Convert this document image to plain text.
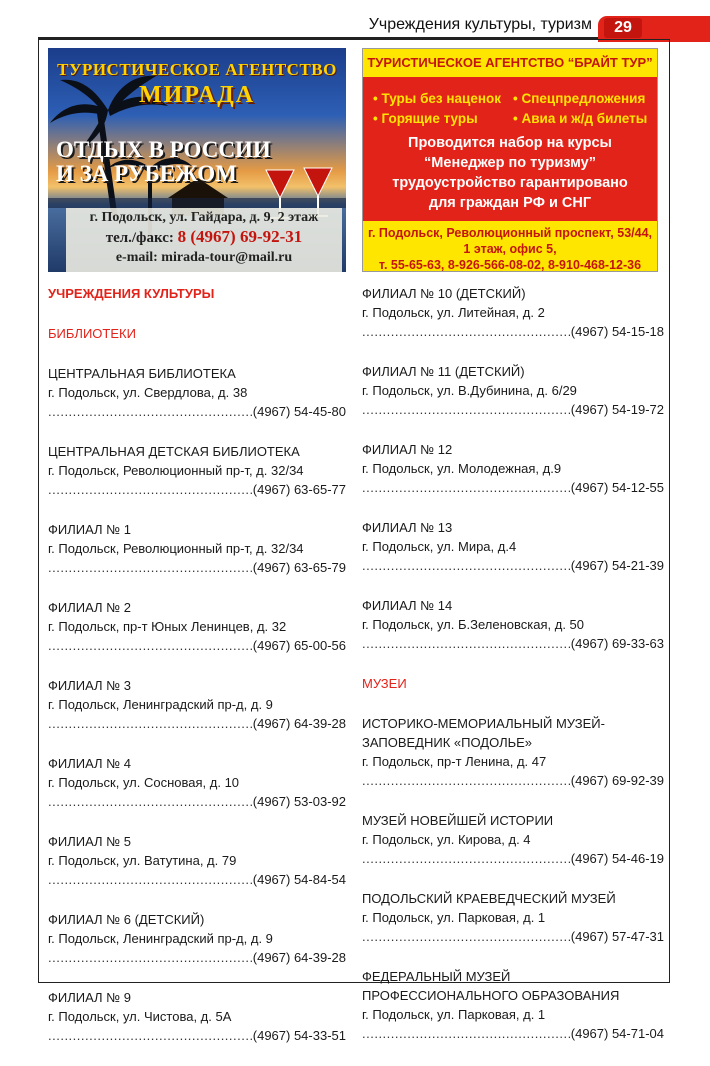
Учреждения культуры, туризм	29
ТУРИСТИЧЕСКОЕ АГЕНТСТВО
МИРАДА
ОТДЫХ В РОССИИ
И ЗА РУБЕЖОМ
г. Подольск, ул. Гайдара, д. 9, 2 этаж
тел./факс: 8 (4967) 69-92-31
e-mail: mirada-tour@mail.ru
ТУРИСТИЧЕСКОЕ АГЕНТСТВО “БРАЙТ ТУР”
• Туры без наценок • Спецпредложения
• Горящие туры	• Авиа и ж/д билеты
Проводится набор на курсы
“Менеджер по туризму”
трудоустройство гарантировано
для граждан РФ и СНГ
г. Подольск, Революционный проспект, 53/44,
1 этаж, офис 5,
т. 55-65-63, 8-926-566-08-02, 8-910-468-12-36
УЧРЕЖДЕНИЯ КУЛЬТУРЫ
БИБЛИОТЕКИ
ЦЕНТРАЛЬНАЯ БИБЛИОТЕКА
г. Подольск, ул. Свердлова, д. 38
.....
(4967) 54-45-80
ЦЕНТРАЛЬНАЯ ДЕТСКАЯ БИБЛИОТЕКА
г. Подольск, Революционный пр-т, д. 32/34
.....
(4967) 63-65-77
ФИЛИАЛ № 1
г. Подольск, Революционный пр-т, д. 32/34
.....
(4967) 63-65-79
ФИЛИАЛ № 2
г. Подольск, пр-т Юных Ленинцев, д. 32
.....
(4967) 65-00-56
ФИЛИАЛ № 3
г. Подольск, Ленинградский пр-д, д. 9
.....
(4967) 64-39-28
ФИЛИАЛ № 4
г. Подольск, ул. Сосновая, д. 10
.....
(4967) 53-03-92
ФИЛИАЛ № 5
г. Подольск, ул. Ватутина, д. 79
.....
(4967) 54-84-54
ФИЛИАЛ № 6 (ДЕТСКИЙ)
г. Подольск, Ленинградский пр-д, д. 9
.....
(4967) 64-39-28
ФИЛИАЛ № 9
г. Подольск, ул. Чистова, д. 5А
.....
(4967) 54-33-51
ФИЛИАЛ № 10 (ДЕТСКИЙ)
г. Подольск, ул. Литейная, д. 2
.....
(4967) 54-15-18
ФИЛИАЛ № 11 (ДЕТСКИЙ)
г. Подольск, ул. В.Дубинина, д. 6/29
.....
(4967) 54-19-72
ФИЛИАЛ № 12
г. Подольск, ул. Молодежная, д.9
.....
(4967) 54-12-55
ФИЛИАЛ № 13
г. Подольск, ул. Мира, д.4
.....
(4967) 54-21-39
ФИЛИАЛ № 14
г. Подольск, ул. Б.Зеленовская, д. 50
.....
(4967) 69-33-63
МУЗЕИ
ИСТОРИКО-МЕМОРИАЛЬНЫЙ МУЗЕЙ-
ЗАПОВЕДНИК «ПОДОЛЬЕ»
г. Подольск, пр-т Ленина, д. 47
.....
(4967) 69-92-39
МУЗЕЙ НОВЕЙШЕЙ ИСТОРИИ
г. Подольск, ул. Кирова, д. 4
.....
(4967) 54-46-19
ПОДОЛЬСКИЙ КРАЕВЕДЧЕСКИЙ МУЗЕЙ
г. Подольск, ул. Парковая, д. 1
.....
(4967) 57-47-31
ФЕДЕРАЛЬНЫЙ МУЗЕЙ
ПРОФЕССИОНАЛЬНОГО ОБРАЗОВАНИЯ
г. Подольск, ул. Парковая, д. 1
.....
(4967) 54-71-04
